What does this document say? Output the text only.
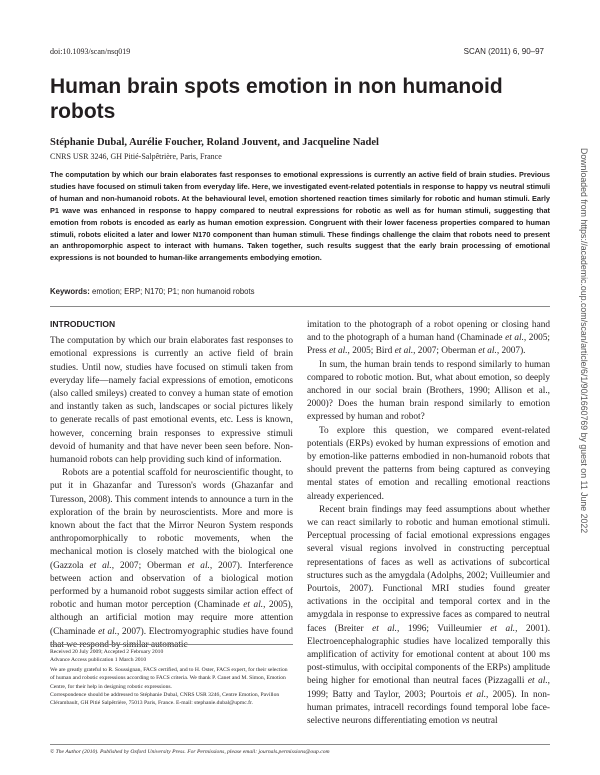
doi:10.1093/scan/nsq019	SCAN (2011) 6, 90–97
Human brain spots emotion in non humanoid robots

Stéphanie Dubal, Aurélie Foucher, Roland Jouvent, and Jacqueline Nadel

CNRS USR 3246, GH Pitié-Salpêtrière, Paris, France

The computation by which our brain elaborates fast responses to emotional expressions is currently an active field of brain studies. Previous studies have focused on stimuli taken from everyday life. Here, we investigated event-related potentials in response to happy vs neutral stimuli of human and non-humanoid robots. At the behavioural level, emotion shortened reaction times similarly for robotic and human stimuli. Early P1 wave was enhanced in response to happy compared to neutral expressions for robotic as well as for human stimuli, suggesting that emotion from robots is encoded as early as human emotion expression. Congruent with their lower faceness properties compared to human stimuli, robots elicited a later and lower N170 component than human stimuli. These findings challenge the claim that robots need to present an anthropomorphic aspect to interact with humans. Taken together, such results suggest that the early brain processing of emotional expressions is not bounded to human-like arrangements embodying emotion.

Keywords: emotion; ERP; N170; P1; non humanoid robots

INTRODUCTION

The computation by which our brain elaborates fast responses to emotional expressions is currently an active field of brain studies. Until now, studies have focused on stimuli taken from everyday life—namely facial expressions of emotion, emoticons (also called smileys) created to convey a human state of emotion and instantly taken as such, landscapes or social pictures likely to generate recalls of past emotional events, etc. Less is known, however, concerning brain responses to expressive stimuli devoid of humanity and that have never been seen before. Non-humanoid robots can help providing such kind of information.

Robots are a potential scaffold for neuroscientific thought, to put it in Ghazanfar and Turesson's words (Ghazanfar and Turesson, 2008). This comment intends to announce a turn in the exploration of the brain by neuroscientists. More and more is known about the fact that the Mirror Neuron System responds anthropomorphically to robotic movements, when the mechanical motion is closely matched with the biological one (Gazzola et al., 2007; Oberman et al., 2007). Interference between action and observation of a biological motion performed by a humanoid robot suggests similar action effect of robotic and human motor perception (Chaminade et al., 2005), although an artificial motion may require more attention (Chaminade et al., 2007). Electromyographic studies have found

Received 20 July 2009; Accepted 2 February 2010

Advance Access publication 1 March 2010

We are greatly grateful to R. Soussignan, FACS certified, and to H. Oster, FACS expert, for their selection of human and robotic expressions according to FACS criteria. We thank P. Canet and M. Simon, Emotion Centre, for their help in designing robotic expressions.

Correspondence should be addressed to Stéphanie Dubal, CNRS USR 3246, Centre Emotion, Pavillon Clérambault, GH Pitié Salpêtrière, 75013 Paris, France. E-mail: stephanie.dubal@upmc.fr.

imitation to the photograph of a robot opening or closing hand and to the photograph of a human hand (Chaminade et al., 2005; Press et al., 2005; Bird et al., 2007; Oberman et al., 2007).

In sum, the human brain tends to respond similarly to human compared to robotic motion. But, what about emotion, so deeply anchored in our social brain (Brothers, 1990; Allison et al., 2000)? Does the human brain respond similarly to emotion expressed by human and robot?

To explore this question, we compared event-related potentials (ERPs) evoked by human expressions of emotion and by emotion-like patterns embodied in non-humanoid robots that should prevent the patterns from being captured as conveying mental states of emotion and recalling emotional reactions already experienced.

Recent brain findings may feed assumptions about whether we can react similarly to robotic and human emotional stimuli. Perceptual processing of facial emotional expressions engages several visual regions involved in constructing perceptual representations of faces as well as activations of subcortical structures such as the amygdala (Adolphs, 2002; Vuilleumier and Pourtois, 2007). Functional MRI studies found greater activations in the occipital and temporal cortex and in the amygdala in response to expressive faces as compared to neutral faces (Breiter et al., 1996; Vuilleumier et al., 2001). Electroencephalographic studies have localized temporally this amplification of activity for emotional content at about 100 ms post-stimulus, with occipital components of the ERPs) amplitude being higher for emotional than neutral faces (Pizzagalli et al., 1999; Batty and Taylor, 2003; Pourtois et al., 2005). In non-human primates, intracell recordings found temporal lobe face-selective neurons differentiating emotion vs neutral

© The Author (2010). Published by Oxford University Press. For Permissions, please email: journals.permissions@oup.com
Downloaded from https://academic.oup.com/scan/article/6/1/90/1660769 by guest on 11 June 2022
